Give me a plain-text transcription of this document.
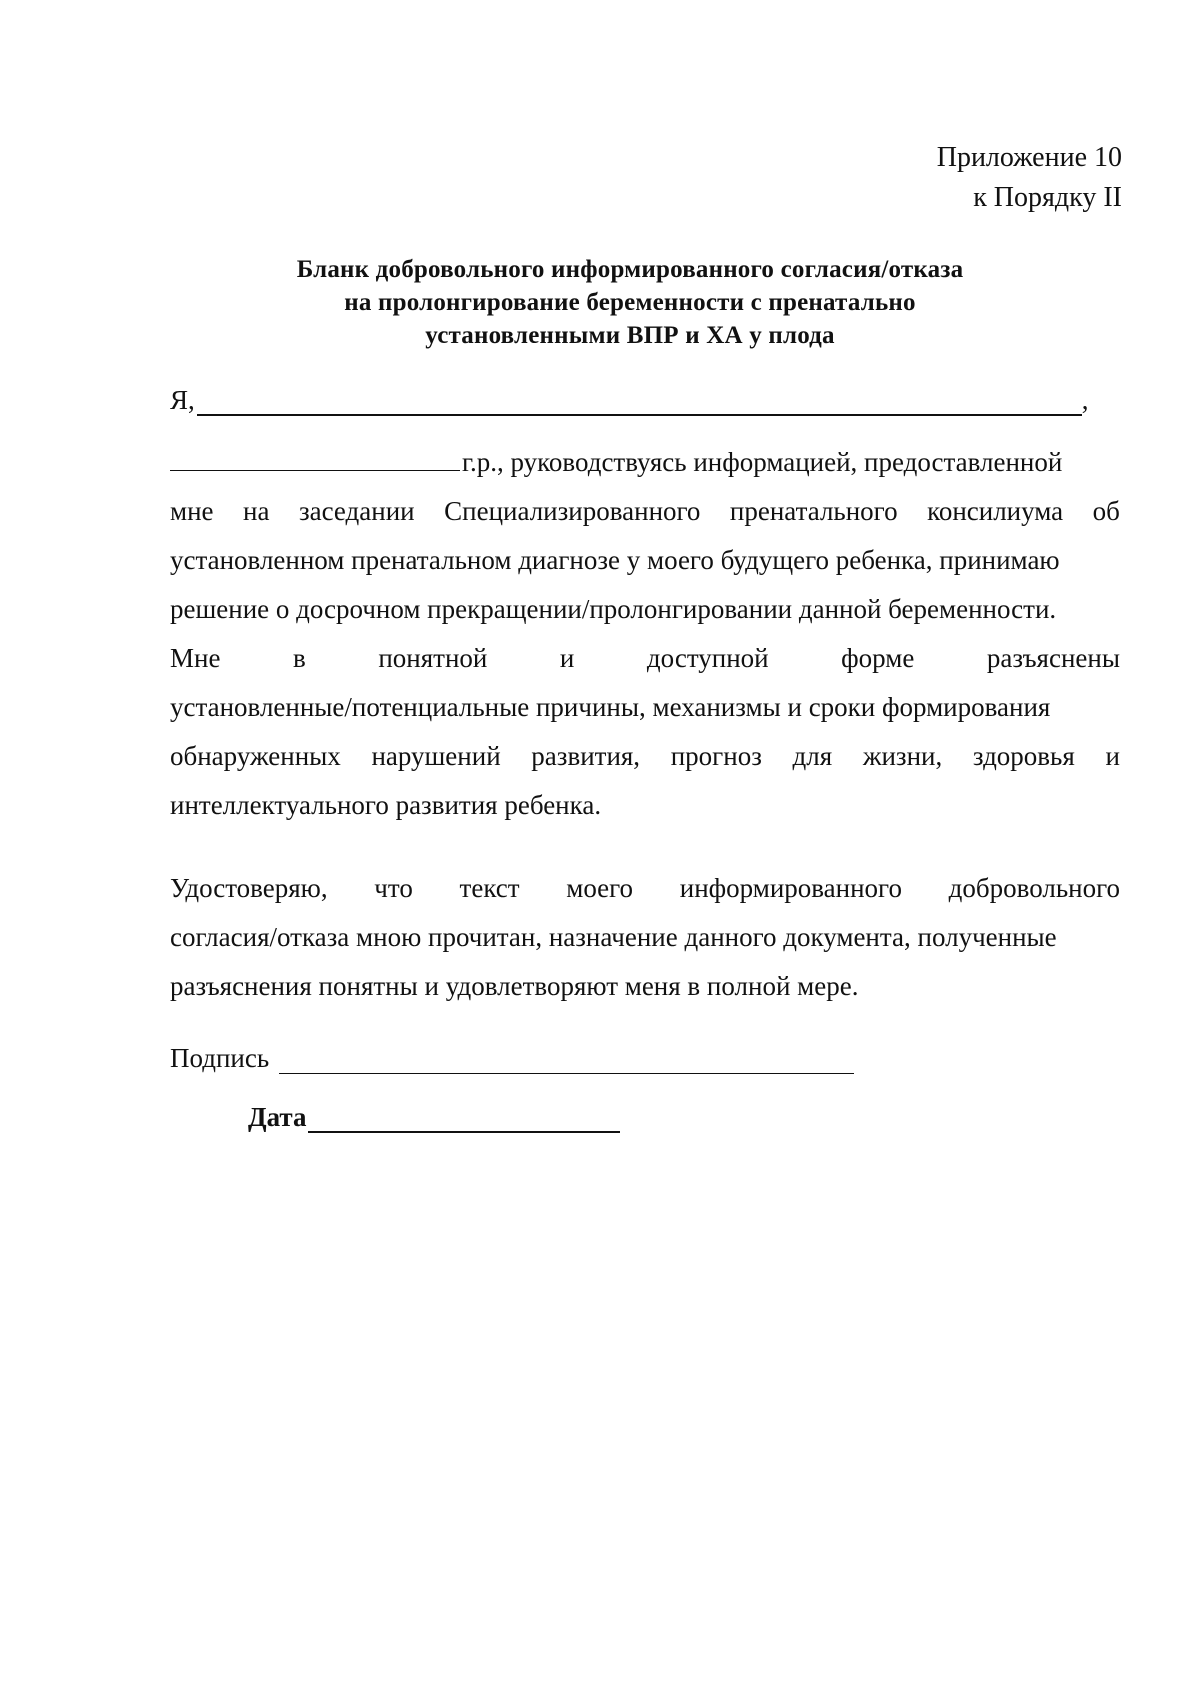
Приложение 10
к Порядку II
Бланк добровольного информированного согласия/отказа
на пролонгирование беременности с пренатально
установленными ВПР и ХА у плода
Я,	,
г.р., руководствуясь информацией, предоставленной
мне на заседании Специализированного пренатального консилиума об
установленном пренатальном диагнозе у моего будущего ребенка, принимаю
решение о досрочном прекращении/пролонгировании данной беременности.
Мне	в	понятной	и	доступной	форме	разъяснены
установленные/потенциальные причины, механизмы и сроки формирования
обнаруженных нарушений развития, прогноз для жизни, здоровья и
интеллектуального развития ребенка.
Удостоверяю, что текст моего информированного добровольного
согласия/отказа мною прочитан, назначение данного документа, полученные
разъяснения понятны и удовлетворяют меня в полной мере.
Подпись
Дата
